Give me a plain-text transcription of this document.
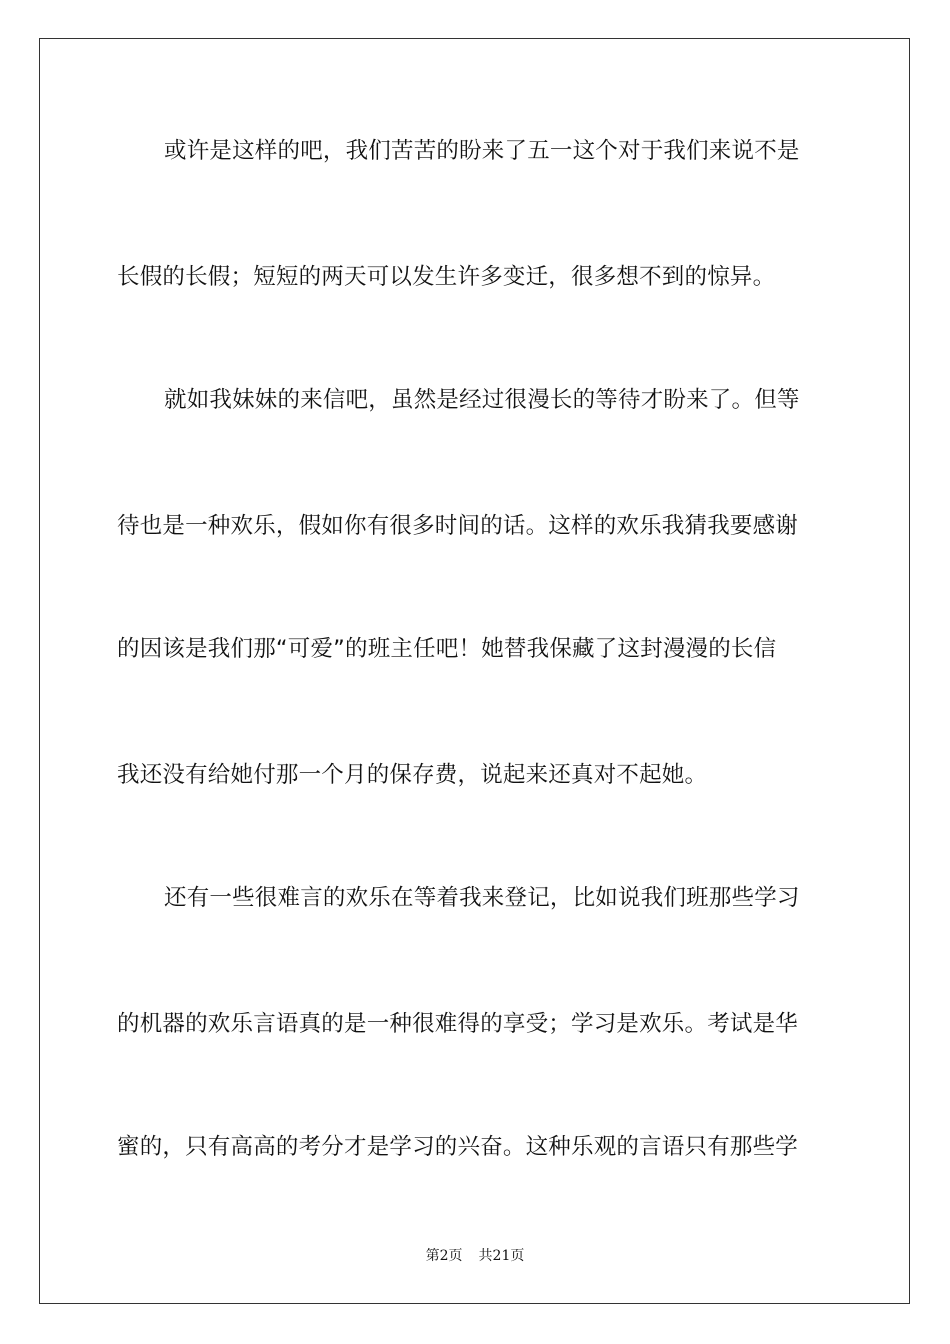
或许是这样的吧，我们苦苦的盼来了五一这个对于我们来说不是
长假的长假；短短的两天可以发生许多变迁，很多想不到的惊异。
就如我妹妹的来信吧，虽然是经过很漫长的等待才盼来了。但等
待也是一种欢乐，假如你有很多时间的话。这样的欢乐我猜我要感谢
的因该是我们那“可爱”的班主任吧！她替我保藏了这封漫漫的长信
我还没有给她付那一个月的保存费，说起来还真对不起她。
还有一些很难言的欢乐在等着我来登记，比如说我们班那些学习
的机器的欢乐言语真的是一种很难得的享受；学习是欢乐。考试是华
蜜的，只有高高的考分才是学习的兴奋。这种乐观的言语只有那些学
第2页 共21页
